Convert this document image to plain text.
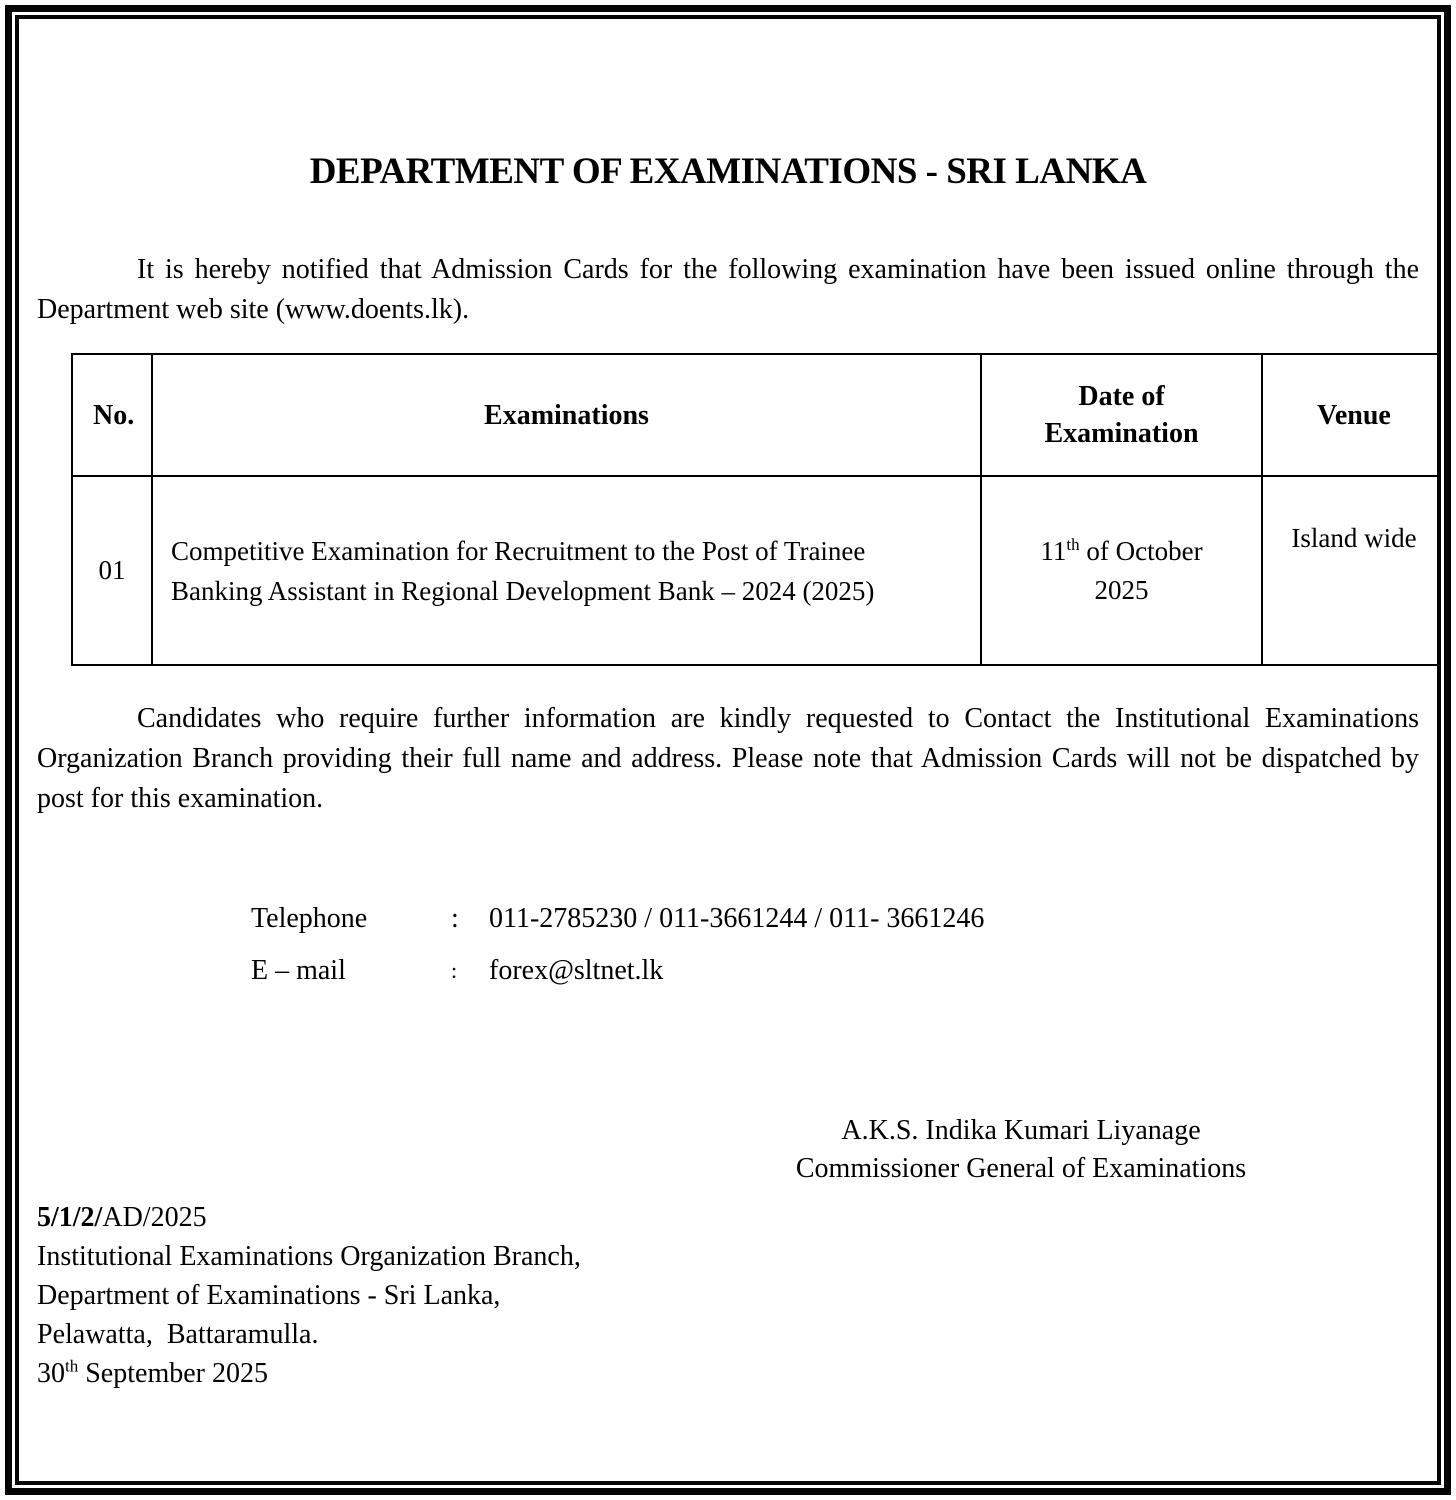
DEPARTMENT OF EXAMINATIONS - SRI LANKA

It is hereby notified that Admission Cards for the following examination have been issued online through the Department web site (www.doents.lk).

No.	Examinations	Date of Examination	Venue
01	Competitive Examination for Recruitment to the Post of Trainee Banking Assistant in Regional Development Bank – 2024 (2025)	11th of October 2025	Island wide

Candidates who require further information are kindly requested to Contact the Institutional Examinations Organization Branch providing their full name and address. Please note that Admission Cards will not be dispatched by post for this examination.

Telephone	:	011-2785230 / 011-3661244 / 011- 3661246
E – mail	:	forex@sltnet.lk
A.K.S. Indika Kumari Liyanage
Commissioner General of Examinations
5/1/2/AD/2025
Institutional Examinations Organization Branch,
Department of Examinations - Sri Lanka,
Pelawatta,  Battaramulla.
30th September 2025
